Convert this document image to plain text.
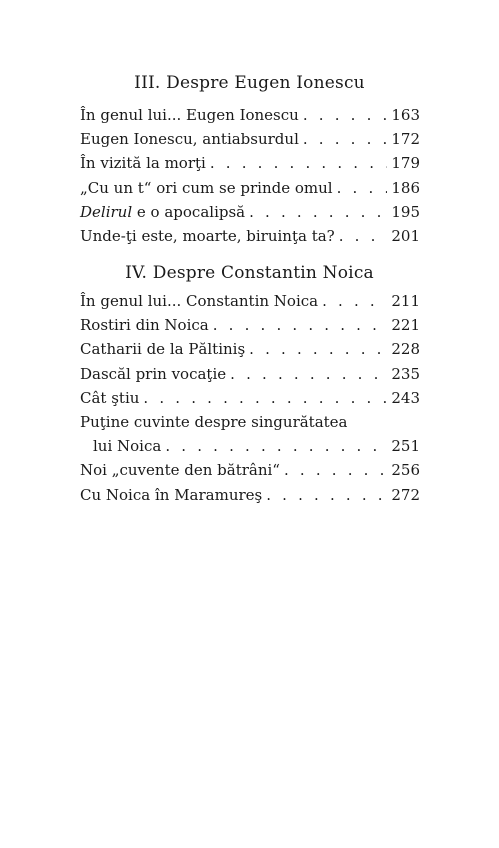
III. Despre Eugen Ionescu
În genul lui... Eugen Ionescu . . .	163
Eugen Ionescu, antiabsurdul . . .	172
În vizită la morţi . . .	179
„Cu un t“ ori cum se prinde omul . . .	186
Delirul e o apocalipsă . . .	195
Unde-ţi este, moarte, biruinţa ta? . . .	201
IV. Despre Constantin Noica
În genul lui... Constantin Noica . . .	211
Rostiri din Noica . . .	221
Catharii de la Păltiniş . . .	228
Dascăl prin vocaţie . . .	235
Cât ştiu . . .	243
Puţine cuvinte despre singurătatea
lui Noica . . .	251
Noi „cuvente den bătrâni“ . . .	256
Cu Noica în Maramureş . . .	272
